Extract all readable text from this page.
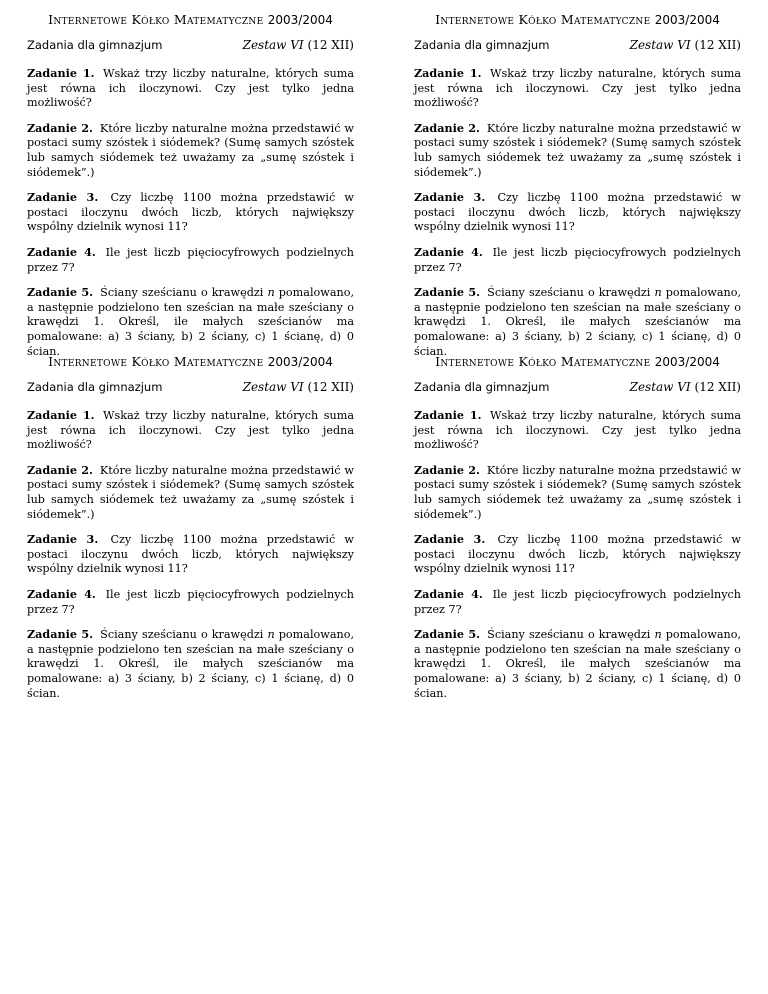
Internetowe Kółko Matematyczne 2003/2004
Zadania dla gimnazjum	Zestaw VI (12 XII)
Zadanie 1. Wskaż trzy liczby naturalne, których suma jest równa ich iloczynowi. Czy jest tylko jedna możliwość?
Zadanie 2. Które liczby naturalne można przedstawić w postaci sumy szóstek i siódemek? (Sumę samych szóstek lub samych siódemek też uważamy za „sumę szóstek i siódemek”.)
Zadanie 3. Czy liczbę 1100 można przedstawić w postaci iloczynu dwóch liczb, których największy wspólny dzielnik wynosi 11?
Zadanie 4. Ile jest liczb pięciocyfrowych podzielnych przez 7?
Zadanie 5. Ściany sześcianu o krawędzi n pomalowano, a następnie podzielono ten sześcian na małe sześciany o krawędzi 1. Określ, ile małych sześcianów ma pomalowane: a) 3 ściany, b) 2 ściany, c) 1 ścianę, d) 0 ścian.
Internetowe Kółko Matematyczne 2003/2004
Zadania dla gimnazjum	Zestaw VI (12 XII)
Zadanie 1. Wskaż trzy liczby naturalne, których suma jest równa ich iloczynowi. Czy jest tylko jedna możliwość?
Zadanie 2. Które liczby naturalne można przedstawić w postaci sumy szóstek i siódemek? (Sumę samych szóstek lub samych siódemek też uważamy za „sumę szóstek i siódemek”.)
Zadanie 3. Czy liczbę 1100 można przedstawić w postaci iloczynu dwóch liczb, których największy wspólny dzielnik wynosi 11?
Zadanie 4. Ile jest liczb pięciocyfrowych podzielnych przez 7?
Zadanie 5. Ściany sześcianu o krawędzi n pomalowano, a następnie podzielono ten sześcian na małe sześciany o krawędzi 1. Określ, ile małych sześcianów ma pomalowane: a) 3 ściany, b) 2 ściany, c) 1 ścianę, d) 0 ścian.
Internetowe Kółko Matematyczne 2003/2004
Zadania dla gimnazjum	Zestaw VI (12 XII)
Zadanie 1. Wskaż trzy liczby naturalne, których suma jest równa ich iloczynowi. Czy jest tylko jedna możliwość?
Zadanie 2. Które liczby naturalne można przedstawić w postaci sumy szóstek i siódemek? (Sumę samych szóstek lub samych siódemek też uważamy za „sumę szóstek i siódemek”.)
Zadanie 3. Czy liczbę 1100 można przedstawić w postaci iloczynu dwóch liczb, których największy wspólny dzielnik wynosi 11?
Zadanie 4. Ile jest liczb pięciocyfrowych podzielnych przez 7?
Zadanie 5. Ściany sześcianu o krawędzi n pomalowano, a następnie podzielono ten sześcian na małe sześciany o krawędzi 1. Określ, ile małych sześcianów ma pomalowane: a) 3 ściany, b) 2 ściany, c) 1 ścianę, d) 0 ścian.
Internetowe Kółko Matematyczne 2003/2004
Zadania dla gimnazjum	Zestaw VI (12 XII)
Zadanie 1. Wskaż trzy liczby naturalne, których suma jest równa ich iloczynowi. Czy jest tylko jedna możliwość?
Zadanie 2. Które liczby naturalne można przedstawić w postaci sumy szóstek i siódemek? (Sumę samych szóstek lub samych siódemek też uważamy za „sumę szóstek i siódemek”.)
Zadanie 3. Czy liczbę 1100 można przedstawić w postaci iloczynu dwóch liczb, których największy wspólny dzielnik wynosi 11?
Zadanie 4. Ile jest liczb pięciocyfrowych podzielnych przez 7?
Zadanie 5. Ściany sześcianu o krawędzi n pomalowano, a następnie podzielono ten sześcian na małe sześciany o krawędzi 1. Określ, ile małych sześcianów ma pomalowane: a) 3 ściany, b) 2 ściany, c) 1 ścianę, d) 0 ścian.
